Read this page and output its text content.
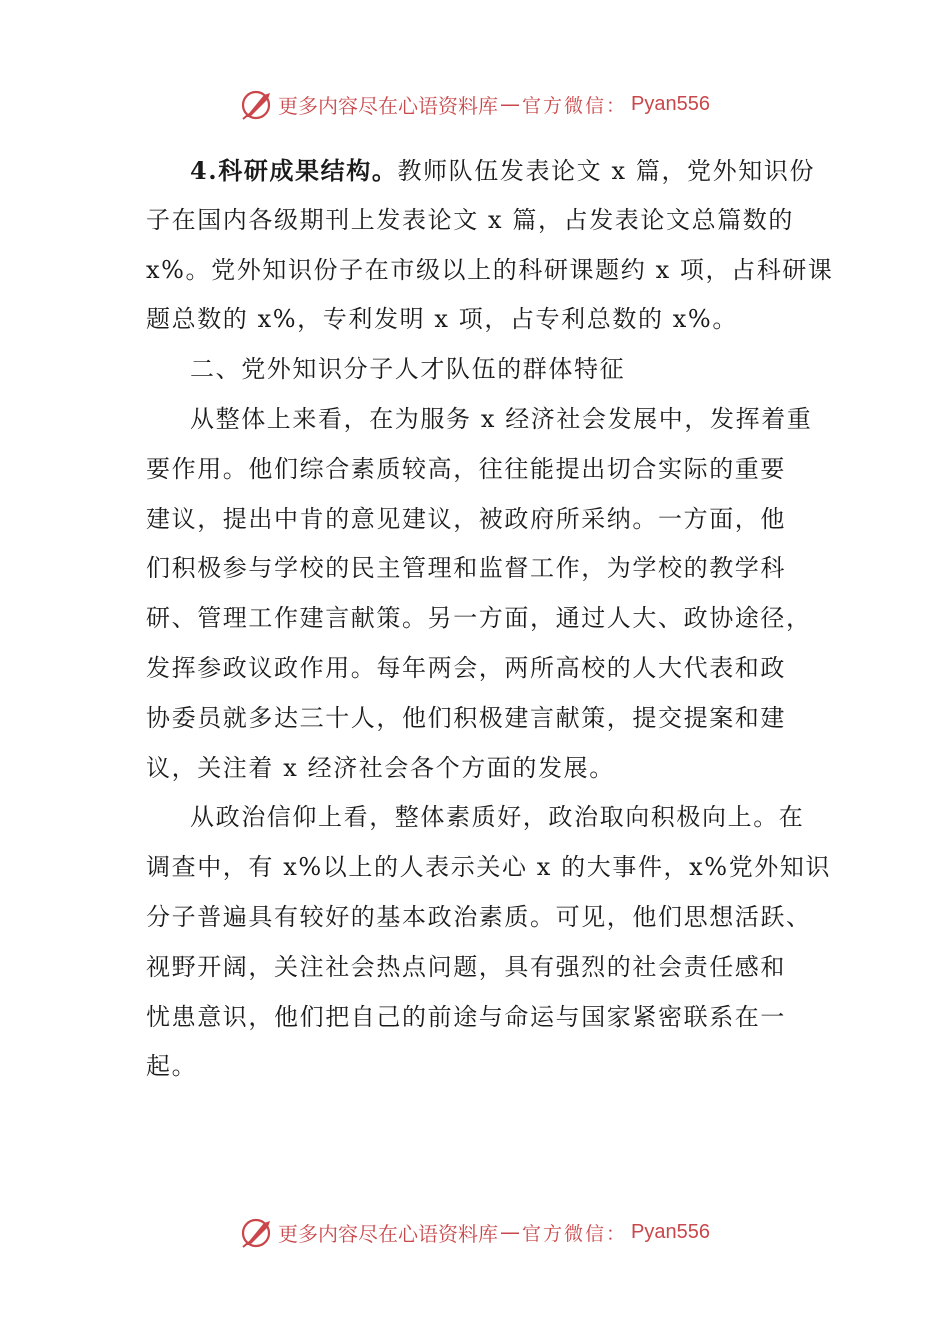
更多内容尽在心语资料库 — 官方微信： Pyan556
4.科研成果结构。教师队伍发表论文 x 篇，党外知识份
子在国内各级期刊上发表论文 x 篇，占发表论文总篇数的
x%。党外知识份子在市级以上的科研课题约 x 项，占科研课
题总数的 x%，专利发明 x 项，占专利总数的 x%。
二、党外知识分子人才队伍的群体特征
从整体上来看，在为服务 x 经济社会发展中，发挥着重
要作用。他们综合素质较高，往往能提出切合实际的重要
建议，提出中肯的意见建议，被政府所采纳。一方面，他
们积极参与学校的民主管理和监督工作，为学校的教学科
研、管理工作建言献策。另一方面，通过人大、政协途径，
发挥参政议政作用。每年两会，两所高校的人大代表和政
协委员就多达三十人，他们积极建言献策，提交提案和建
议，关注着 x 经济社会各个方面的发展。
从政治信仰上看，整体素质好，政治取向积极向上。在
调查中，有 x%以上的人表示关心 x 的大事件，x%党外知识
分子普遍具有较好的基本政治素质。可见，他们思想活跃、
视野开阔，关注社会热点问题，具有强烈的社会责任感和
忧患意识，他们把自己的前途与命运与国家紧密联系在一
起。
更多内容尽在心语资料库 — 官方微信： Pyan556
